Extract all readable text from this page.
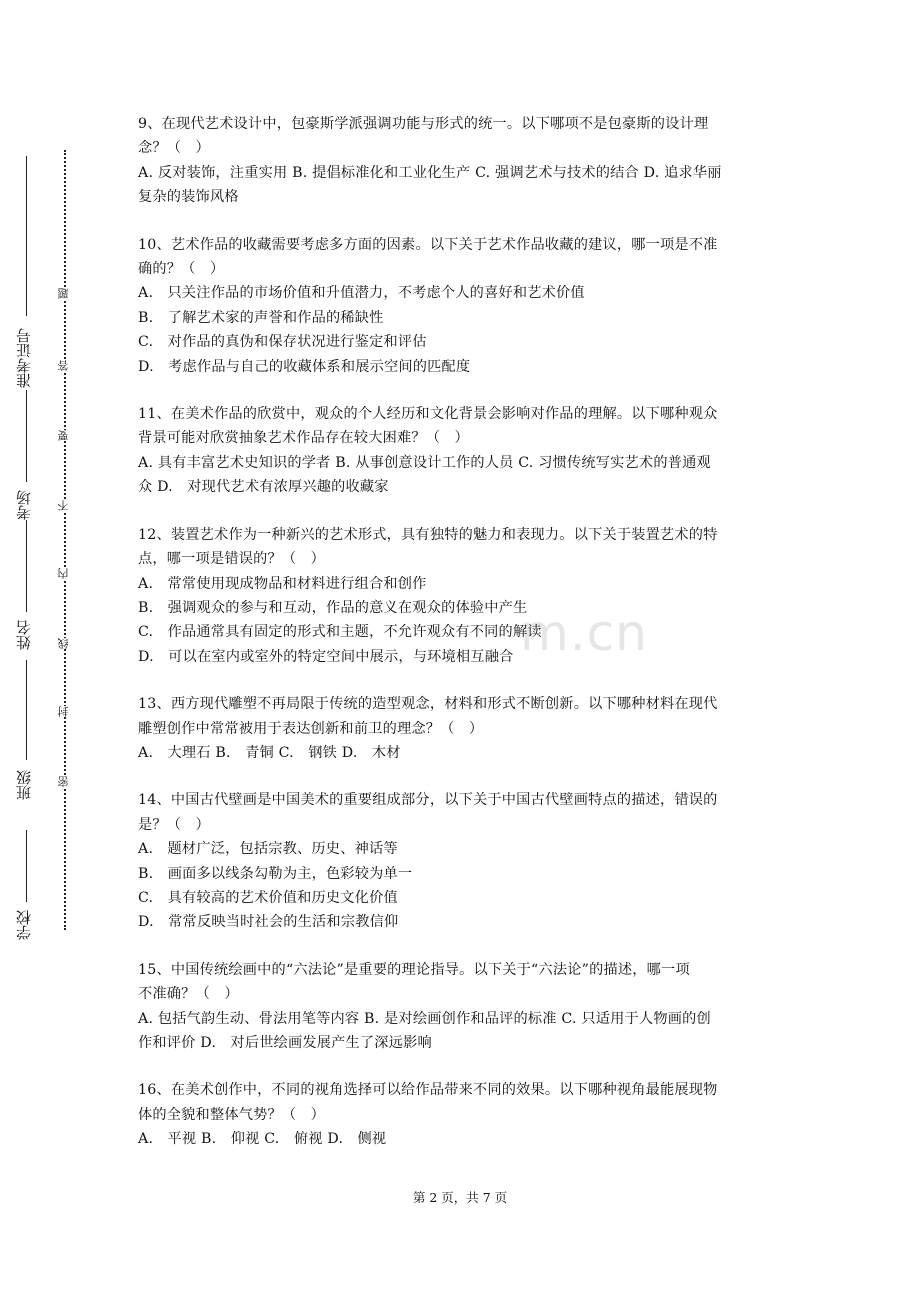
m.cn
学校
班级
姓名
考场
准考证号
题
答
要
不
内
线
封
密

9、在现代艺术设计中，包豪斯学派强调功能与形式的统一。以下哪项不是包豪斯的设计理

念？（　）

A. 反对装饰，注重实用 B. 提倡标准化和工业化生产 C. 强调艺术与技术的结合 D. 追求华丽

复杂的装饰风格

10、艺术作品的收藏需要考虑多方面的因素。以下关于艺术作品收藏的建议，哪一项是不准

确的？（　）

A.　只关注作品的市场价值和升值潜力，不考虑个人的喜好和艺术价值

B.　了解艺术家的声誉和作品的稀缺性

C.　对作品的真伪和保存状况进行鉴定和评估

D.　考虑作品与自己的收藏体系和展示空间的匹配度

11、在美术作品的欣赏中，观众的个人经历和文化背景会影响对作品的理解。以下哪种观众

背景可能对欣赏抽象艺术作品存在较大困难？（　）

A. 具有丰富艺术史知识的学者 B. 从事创意设计工作的人员 C. 习惯传统写实艺术的普通观

众 D.　对现代艺术有浓厚兴趣的收藏家

12、装置艺术作为一种新兴的艺术形式，具有独特的魅力和表现力。以下关于装置艺术的特

点，哪一项是错误的？（　）

A.　常常使用现成物品和材料进行组合和创作

B.　强调观众的参与和互动，作品的意义在观众的体验中产生

C.　作品通常具有固定的形式和主题，不允许观众有不同的解读

D.　可以在室内或室外的特定空间中展示，与环境相互融合

13、西方现代雕塑不再局限于传统的造型观念，材料和形式不断创新。以下哪种材料在现代

雕塑创作中常常被用于表达创新和前卫的理念？（　）

A.　大理石 B.　青铜 C.　钢铁 D.　木材

14、中国古代壁画是中国美术的重要组成部分，以下关于中国古代壁画特点的描述，错误的

是？（　）

A.　题材广泛，包括宗教、历史、神话等

B.　画面多以线条勾勒为主，色彩较为单一

C.　具有较高的艺术价值和历史文化价值

D.　常常反映当时社会的生活和宗教信仰

15、中国传统绘画中的“六法论”是重要的理论指导。以下关于“六法论”的描述，哪一项

不准确？（　）

A. 包括气韵生动、骨法用笔等内容 B. 是对绘画创作和品评的标准 C. 只适用于人物画的创

作和评价 D.　对后世绘画发展产生了深远影响

16、在美术创作中，不同的视角选择可以给作品带来不同的效果。以下哪种视角最能展现物

体的全貌和整体气势？（　）

A.　平视 B.　仰视 C.　俯视 D.　侧视

第 2 页，共 7 页
